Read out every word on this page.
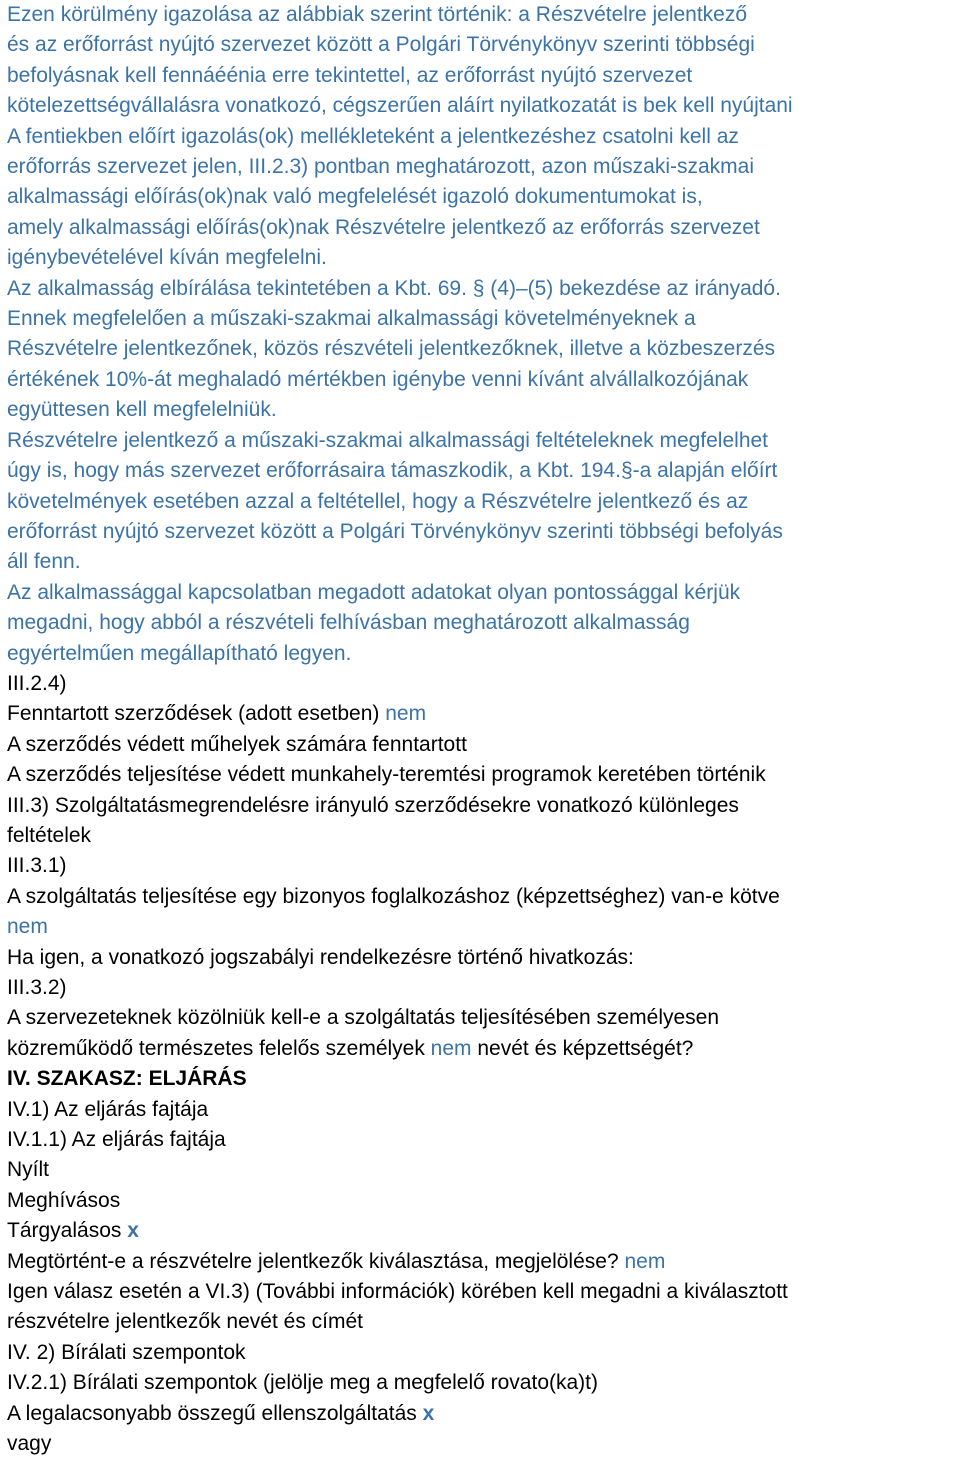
Ezen körülmény igazolása az alábbiak szerint történik: a Részvételre jelentkező
és az erőforrást nyújtó szervezet között a Polgári Törvénykönyv szerinti többségi
befolyásnak kell fennáéénia erre tekintettel, az erőforrást nyújtó szervezet
kötelezettségvállalásra vonatkozó, cégszerűen aláírt nyilatkozatát is bek kell nyújtani
A fentiekben előírt igazolás(ok) mellékleteként a jelentkezéshez csatolni kell az
erőforrás szervezet jelen, III.2.3) pontban meghatározott, azon műszaki-szakmai
alkalmassági előírás(ok)nak való megfelelését igazoló dokumentumokat is,
amely alkalmassági előírás(ok)nak Részvételre jelentkező az erőforrás szervezet
igénybevételével kíván megfelelni.
Az alkalmasság elbírálása tekintetében a Kbt. 69. § (4)–(5) bekezdése az irányadó.
Ennek megfelelően a műszaki-szakmai alkalmassági követelményeknek a
Részvételre jelentkezőnek, közös részvételi jelentkezőknek, illetve a közbeszerzés
értékének 10%-át meghaladó mértékben igénybe venni kívánt alvállalkozójának
együttesen kell megfelelniük.
Részvételre jelentkező a műszaki-szakmai alkalmassági feltételeknek megfelelhet
úgy is, hogy más szervezet erőforrásaira támaszkodik, a Kbt. 194.§-a alapján előírt
követelmények esetében azzal a feltétellel, hogy a Részvételre jelentkező és az
erőforrást nyújtó szervezet között a Polgári Törvénykönyv szerinti többségi befolyás
áll fenn.
Az alkalmassággal kapcsolatban megadott adatokat olyan pontossággal kérjük
megadni, hogy abból a részvételi felhívásban meghatározott alkalmasság
egyértelműen megállapítható legyen.
III.2.4)
Fenntartott szerződések (adott esetben) nem
A szerződés védett műhelyek számára fenntartott
A szerződés teljesítése védett munkahely-teremtési programok keretében történik
III.3) Szolgáltatásmegrendelésre irányuló szerződésekre vonatkozó különleges
feltételek
III.3.1)
A szolgáltatás teljesítése egy bizonyos foglalkozáshoz (képzettséghez) van-e kötve
nem
Ha igen, a vonatkozó jogszabályi rendelkezésre történő hivatkozás:
III.3.2)
A szervezeteknek közölniük kell-e a szolgáltatás teljesítésében személyesen
közreműködő természetes felelős személyek nem nevét és képzettségét?
IV. SZAKASZ: ELJÁRÁS
IV.1) Az eljárás fajtája
IV.1.1) Az eljárás fajtája
Nyílt
Meghívásos
Tárgyalásos x
Megtörtént-e a részvételre jelentkezők kiválasztása, megjelölése? nem
Igen válasz esetén a VI.3) (További információk) körében kell megadni a kiválasztott
részvételre jelentkezők nevét és címét
IV. 2) Bírálati szempontok
IV.2.1) Bírálati szempontok (jelölje meg a megfelelő rovato(ka)t)
A legalacsonyabb összegű ellenszolgáltatás x
vagy
